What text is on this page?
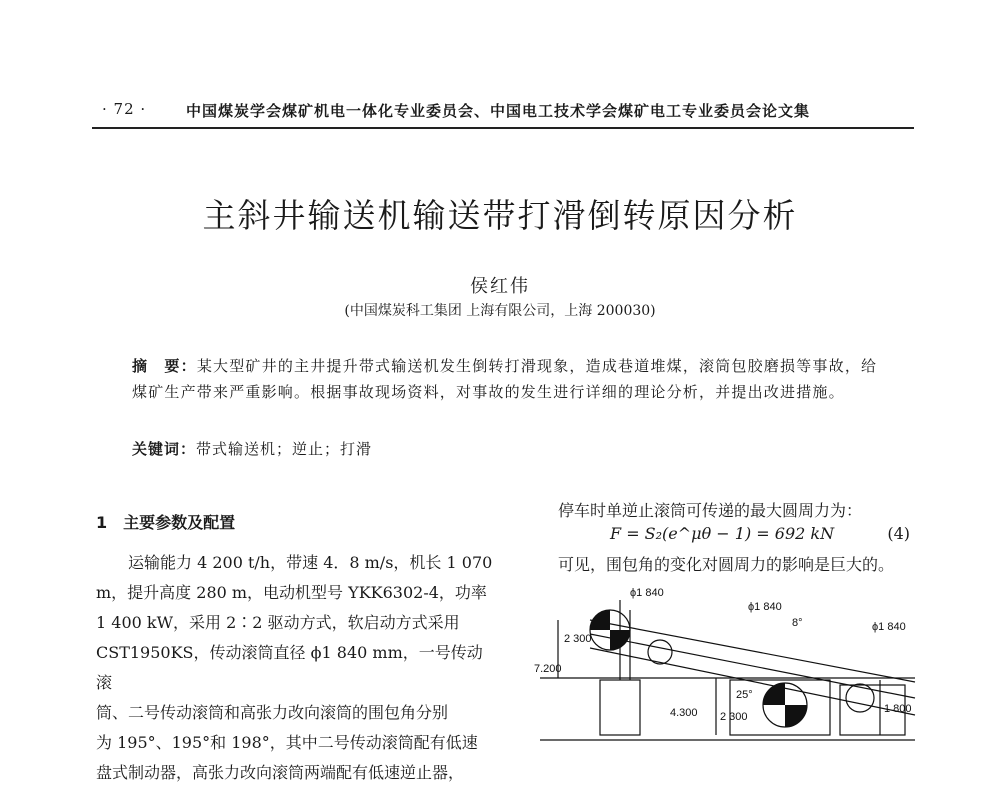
· 72 ·	中国煤炭学会煤矿机电一体化专业委员会、中国电工技术学会煤矿电工专业委员会论文集
主斜井输送机输送带打滑倒转原因分析
侯红伟
(中国煤炭科工集团 上海有限公司，上海 200030)
摘　要：某大型矿井的主井提升带式输送机发生倒转打滑现象，造成巷道堆煤，滚筒包胶磨损等事故，给煤矿生产带来严重影响。根据事故现场资料，对事故的发生进行详细的理论分析，并提出改进措施。
关键词：带式输送机；逆止；打滑
1　主要参数及配置

　　运输能力 4 200 t/h，带速 4．8 m/s，机长 1 070

m，提升高度 280 m，电动机型号 YKK6302-4，功率

1 400 kW，采用 2∶2 驱动方式，软启动方式采用

CST1950KS，传动滚筒直径 ϕ1 840 mm，一号传动滚

筒、二号传动滚筒和高张力改向滚筒的围包角分别

为 195°、195°和 198°，其中二号传动滚筒配有低速

盘式制动器，高张力改向滚筒两端配有低速逆止器，

停车时单逆止滚筒可传递的最大圆周力为：
F = S₂(e^μθ − 1) = 692 kN	(4)
可见，围包角的变化对圆周力的影响是巨大的。
ϕ1 840
ϕ1 840
ϕ1 840
8°
25°
7.200
2 300
4.300 2 300
1 800
